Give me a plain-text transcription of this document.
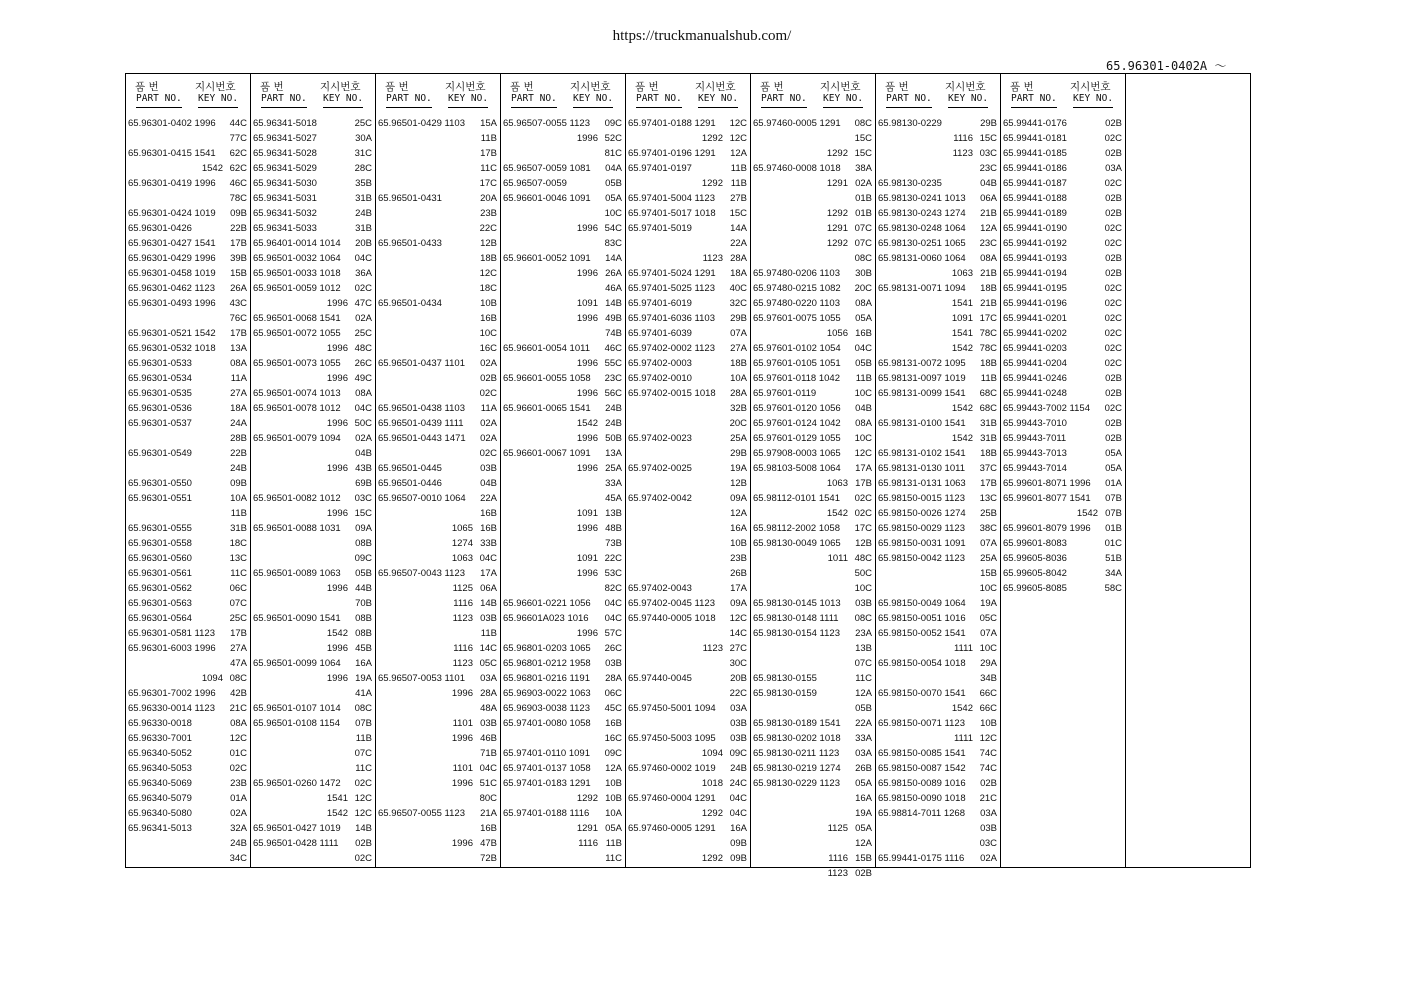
https://truckmanualshub.com/
65.96301-0402A ～
품 번	지시번호
PART NO. KEY NO.
65.96301-0402 1996 44C
77C
65.96301-0415 1541 62C
1542 62C
65.96301-0419 1996 46C
78C
65.96301-0424 1019 09B
65.96301-0426	22B
65.96301-0427 1541 17B
65.96301-0429 1996 39B
65.96301-0458 1019 15B
65.96301-0462 1123 26A
65.96301-0493 1996 43C
76C
65.96301-0521 1542 17B
65.96301-0532 1018 13A
65.96301-0533	08A
65.96301-0534	11A
65.96301-0535	27A
65.96301-0536	18A
65.96301-0537	24A
28B
65.96301-0549	22B
24B
65.96301-0550	09B
65.96301-0551	10A
11B
65.96301-0555	31B
65.96301-0558	18C
65.96301-0560	13C
65.96301-0561	11C
65.96301-0562	06C
65.96301-0563	07C
65.96301-0564	25C
65.96301-0581 1123 17B
65.96301-6003 1996 27A
47A
1094 08C
65.96301-7002 1996 42B
65.96330-0014 1123 21C
65.96330-0018	08A
65.96330-7001	12C
65.96340-5052	01C
65.96340-5053	02C
65.96340-5069	23B
65.96340-5079	01A
65.96340-5080	02A
65.96341-5013	32A
24B
34C
품 번	지시번호
PART NO. KEY NO.
65.96341-5018	25C
65.96341-5027	30A
65.96341-5028	31C
65.96341-5029	28C
65.96341-5030	35B
65.96341-5031	31B
65.96341-5032	24B
65.96341-5033	31B
65.96401-0014 1014 20B
65.96501-0032 1064 04C
65.96501-0033 1018 36A
65.96501-0059 1012 02C
1996 47C
65.96501-0068 1541 02A
65.96501-0072 1055 25C
1996 48C
65.96501-0073 1055 26C
1996 49C
65.96501-0074 1013 08A
65.96501-0078 1012 04C
1996 50C
65.96501-0079 1094 02A
04B
1996 43B
69B
65.96501-0082 1012 03C
1996 15C
65.96501-0088 1031 09A
08B
09C
65.96501-0089 1063 05B
1996 44B
70B
65.96501-0090 1541 08B
1542 08B
1996 45B
65.96501-0099 1064 16A
1996 19A
41A
65.96501-0107 1014 08C
65.96501-0108 1154 07B
11B
07C
11C
65.96501-0260 1472 02C
1541 12C
1542 12C
65.96501-0427 1019 14B
65.96501-0428 1111 02B
02C
품 번	지시번호
PART NO. KEY NO.
65.96501-0429 1103 15A
11B
17B
11C
17C
65.96501-0431	20A
23B
22C
65.96501-0433	12B
18B
12C
18C
65.96501-0434	10B
16B
10C
16C
65.96501-0437 1101 02A
02B
02C
65.96501-0438 1103 11A
65.96501-0439 1111 02A
65.96501-0443 1471 02A
02C
65.96501-0445	03B
65.96501-0446	04B
65.96507-0010 1064 22A
16B
1065 16B
1274 33B
1063 04C
65.96507-0043 1123 17A
1125 06A
1116 14B
1123 03B
11B
1116 14C
1123 05C
65.96507-0053 1101 03A
1996 28A
48A
1101 03B
1996 46B
71B
1101 04C
1996 51C
80C
65.96507-0055 1123 21A
16B
1996 47B
72B
품 번	지시번호
PART NO. KEY NO.
65.96507-0055 1123 09C
1996 52C
81C
65.96507-0059 1081 04A
65.96507-0059	05B
65.96601-0046 1091 05A
10C
1996 54C
83C
65.96601-0052 1091 14A
1996 26A
46A
1091 14B
1996 49B
74B
65.96601-0054 1011 46C
1996 55C
65.96601-0055 1058 23C
1996 56C
65.96601-0065 1541 24B
1542 24B
1996 50B
65.96601-0067 1091 13A
1996 25A
33A
45A
1091 13B
1996 48B
73B
1091 22C
1996 53C
82C
65.96601-0221 1056 04C
65.96601A023 1016 04C
1996 57C
65.96801-0203 1065 26C
65.96801-0212 1958 03B
65.96801-0216 1191 28A
65.96903-0022 1063 06C
65.96903-0038 1123 45C
65.97401-0080 1058 16B
16C
65.97401-0110 1091 09C
65.97401-0137 1058 12A
65.97401-0183 1291 10B
1292 10B
65.97401-0188 1116 10A
1291 05A
1116 11B
11C
품 번	지시번호
PART NO. KEY NO.
65.97401-0188 1291 12C
1292 12C
65.97401-0196 1291 12A
65.97401-0197	11B
1292 11B
65.97401-5004 1123 27B
65.97401-5017 1018 15C
65.97401-5019	14A
22A
1123 28A
65.97401-5024 1291 18A
65.97401-5025 1123 40C
65.97401-6019	32C
65.97401-6036 1103 29B
65.97401-6039	07A
65.97402-0002 1123 27A
65.97402-0003	18B
65.97402-0010	10A
65.97402-0015 1018 28A
32B
20C
65.97402-0023	25A
29B
65.97402-0025	19A
12B
65.97402-0042	09A
12A
16A
10B
23B
26B
65.97402-0043	17A
65.97402-0045 1123 09A
65.97440-0005 1018 12C
14C
1123 27C
30C
65.97440-0045	20B
22C
65.97450-5001 1094 03A
03B
65.97450-5003 1095 03B
1094 09C
65.97460-0002 1019 24B
1018 24C
65.97460-0004 1291 04C
1292 04C
65.97460-0005 1291 16A
09B
1292 09B
품 번	지시번호
PART NO. KEY NO.
65.97460-0005 1291 08C
15C
1292 15C
65.97460-0008 1018 38A
1291 02A
01B
1292 01B
1291 07C
1292 07C
08C
65.97480-0206 1103 30B
65.97480-0215 1082 20C
65.97480-0220 1103 08A
65.97601-0075 1055 05A
1056 16B
65.97601-0102 1054 04C
65.97601-0105 1051 05B
65.97601-0118 1042 11B
65.97601-0119	10C
65.97601-0120 1056 04B
65.97601-0124 1042 08A
65.97601-0129 1055 10C
65.97908-0003 1065 12C
65.98103-5008 1064 17A
1063 17B
65.98112-0101 1541 02C
1542 02C
65.98112-2002 1058 17C
65.98130-0049 1065 12B
1011 48C
50C
10C
65.98130-0145 1013 03B
65.98130-0148 1111 08C
65.98130-0154 1123 23A
13B
07C
65.98130-0155	11C
65.98130-0159	12A
05B
65.98130-0189 1541 22A
65.98130-0202 1018 33A
65.98130-0211 1123 03A
65.98130-0219 1274 26B
65.98130-0229 1123 05A
16A
19A
1125 05A
12A
1116 15B
1123 02B
품 번	지시번호
PART NO. KEY NO.
65.98130-0229	29B
1116 15C
1123 03C
23C
65.98130-0235	04B
65.98130-0241 1013 06A
65.98130-0243 1274 21B
65.98130-0248 1064 12A
65.98130-0251 1065 23C
65.98131-0060 1064 08A
1063 21B
65.98131-0071 1094 18B
1541 21B
1091 17C
1541 78C
1542 78C
65.98131-0072 1095 18B
65.98131-0097 1019 11B
65.98131-0099 1541 68C
1542 68C
65.98131-0100 1541 31B
1542 31B
65.98131-0102 1541 18B
65.98131-0130 1011 37C
65.98131-0131 1063 17B
65.98150-0015 1123 13C
65.98150-0026 1274 25B
65.98150-0029 1123 38C
65.98150-0031 1091 07A
65.98150-0042 1123 25A
15B
10C
65.98150-0049 1064 19A
65.98150-0051 1016 05C
65.98150-0052 1541 07A
1111 10C
65.98150-0054 1018 29A
34B
65.98150-0070 1541 66C
1542 66C
65.98150-0071 1123 10B
1111 12C
65.98150-0085 1541 74C
65.98150-0087 1542 74C
65.98150-0089 1016 02B
65.98150-0090 1018 21C
65.98814-7011 1268 03A
03B
03C
65.99441-0175 1116 02A
품 번	지시번호
PART NO. KEY NO.
65.99441-0176	02B
65.99441-0181	02C
65.99441-0185	02B
65.99441-0186	03A
65.99441-0187	02C
65.99441-0188	02B
65.99441-0189	02B
65.99441-0190	02C
65.99441-0192	02C
65.99441-0193	02B
65.99441-0194	02B
65.99441-0195	02C
65.99441-0196	02C
65.99441-0201	02C
65.99441-0202	02C
65.99441-0203	02C
65.99441-0204	02C
65.99441-0246	02B
65.99441-0248	02B
65.99443-7002 1154 02C
65.99443-7010	02B
65.99443-7011	02B
65.99443-7013	05A
65.99443-7014	05A
65.99601-8071 1996 01A
65.99601-8077 1541 07B
1542 07B
65.99601-8079 1996 01B
65.99601-8083	01C
65.99605-8036	51B
65.99605-8042	34A
65.99605-8085	58C
